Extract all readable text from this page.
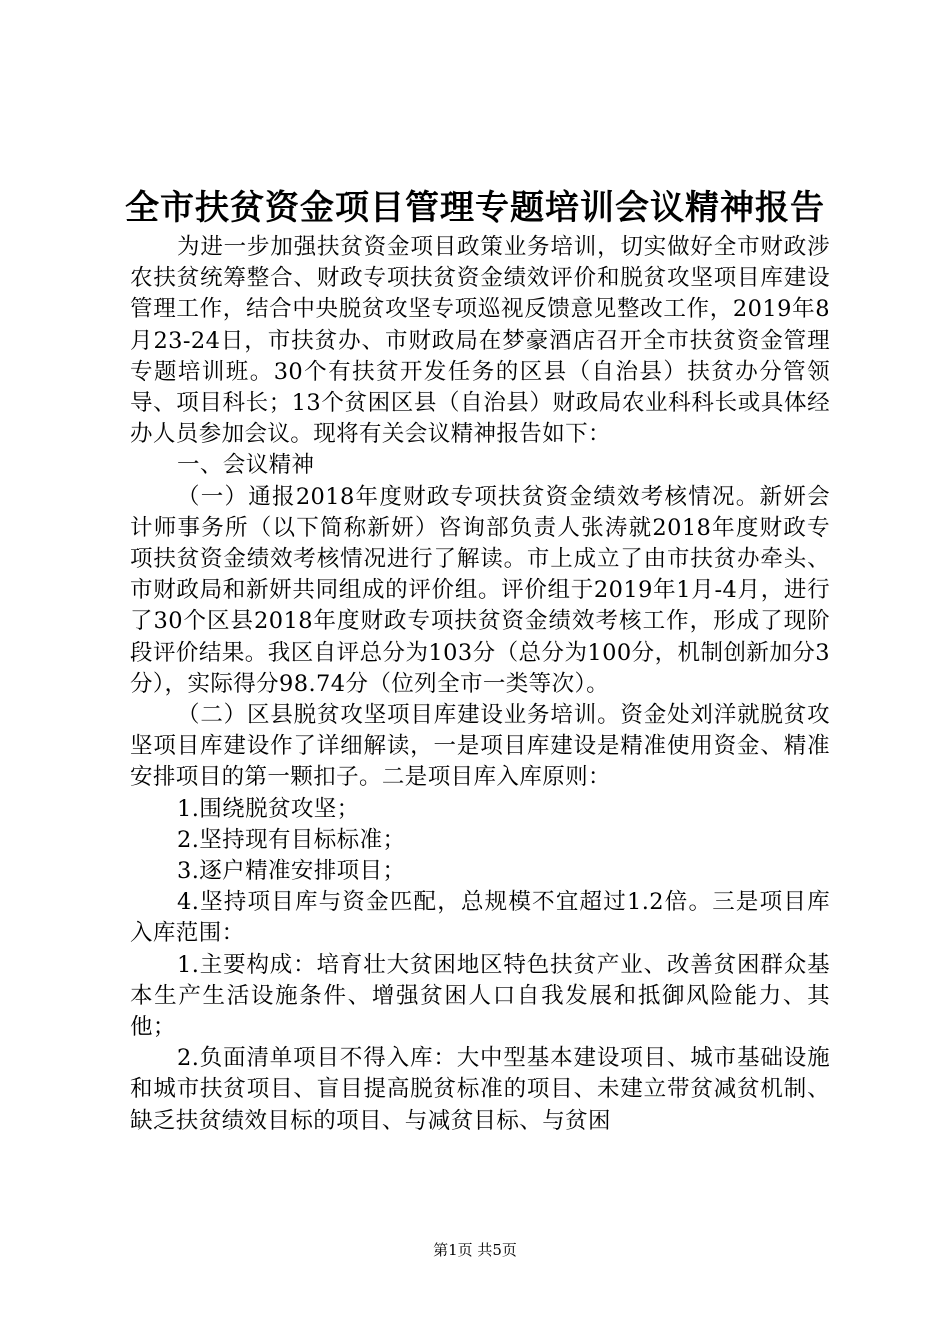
全市扶贫资金项目管理专题培训会议精神报告

为进一步加强扶贫资金项目政策业务培训，切实做好全市财政涉农扶贫统筹整合、财政专项扶贫资金绩效评价和脱贫攻坚项目库建设管理工作，结合中央脱贫攻坚专项巡视反馈意见整改工作，2019年8月23-24日，市扶贫办、市财政局在梦豪酒店召开全市扶贫资金管理专题培训班。30个有扶贫开发任务的区县（自治县）扶贫办分管领导、项目科长；13个贫困区县（自治县）财政局农业科科长或具体经办人员参加会议。现将有关会议精神报告如下：

一、会议精神

（一）通报2018年度财政专项扶贫资金绩效考核情况。新妍会计师事务所（以下简称新妍）咨询部负责人张涛就2018年度财政专项扶贫资金绩效考核情况进行了解读。市上成立了由市扶贫办牵头、市财政局和新妍共同组成的评价组。评价组于2019年1月-4月，进行了30个区县2018年度财政专项扶贫资金绩效考核工作，形成了现阶段评价结果。我区自评总分为103分（总分为100分，机制创新加分3分），实际得分98.74分（位列全市一类等次）。

（二）区县脱贫攻坚项目库建设业务培训。资金处刘洋就脱贫攻坚项目库建设作了详细解读，一是项目库建设是精准使用资金、精准安排项目的第一颗扣子。二是项目库入库原则：

1.围绕脱贫攻坚；

2.坚持现有目标标准；

3.逐户精准安排项目；

4.坚持项目库与资金匹配，总规模不宜超过1.2倍。三是项目库入库范围：

1.主要构成：培育壮大贫困地区特色扶贫产业、改善贫困群众基本生产生活设施条件、增强贫困人口自我发展和抵御风险能力、其他；

2.负面清单项目不得入库：大中型基本建设项目、城市基础设施和城市扶贫项目、盲目提高脱贫标准的项目、未建立带贫减贫机制、缺乏扶贫绩效目标的项目、与减贫目标、与贫困

第1页 共5页
